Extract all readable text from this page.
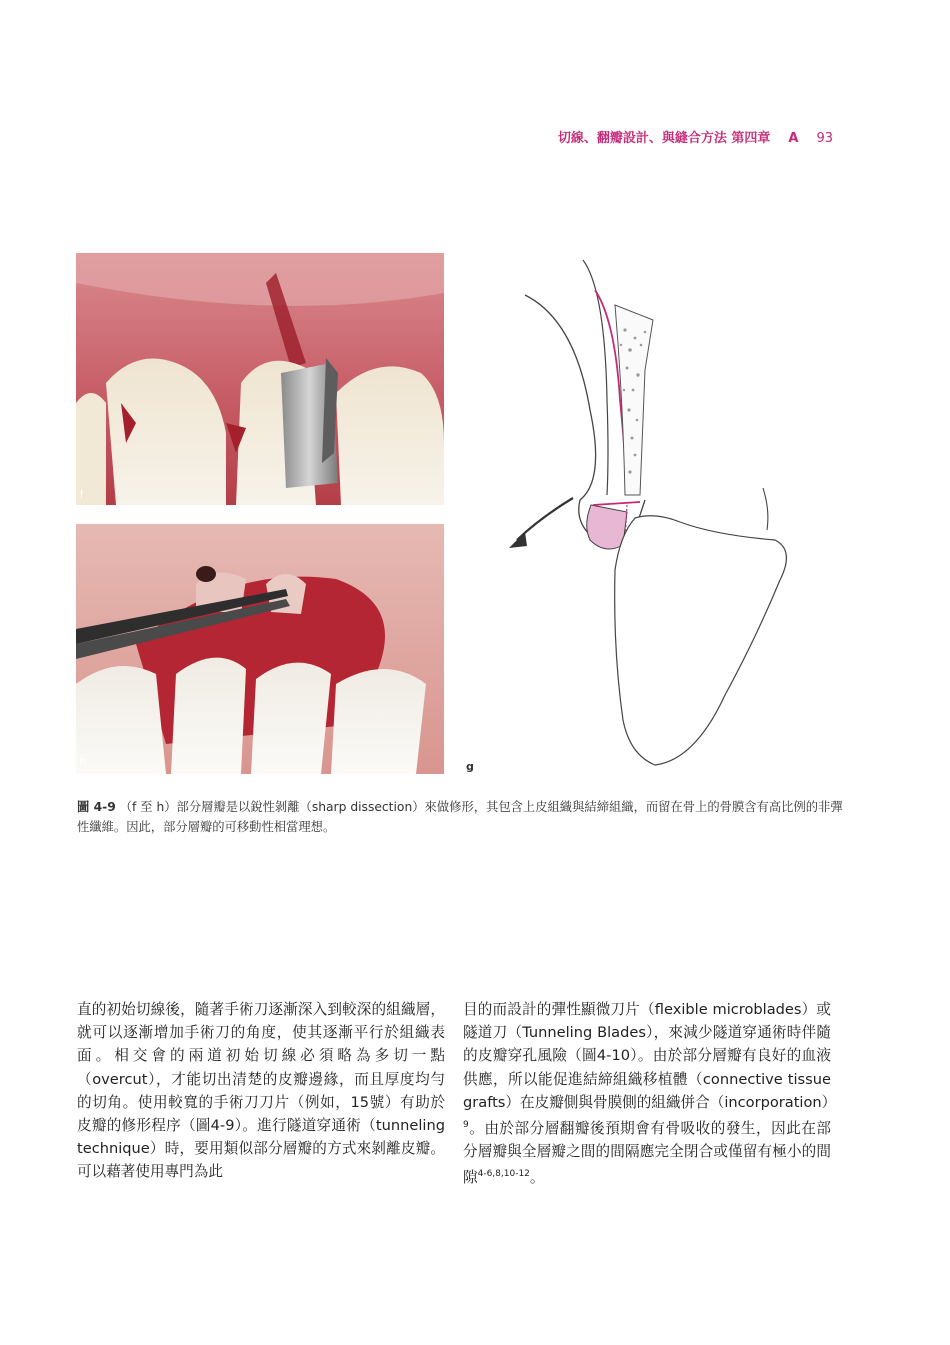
切線、翻瓣設計、與縫合方法 第四章 A 93
f
h	g
圖 4-9 （f 至 h）部分層瓣是以銳性剝離（sharp dissection）來做修形，其包含上皮組織與結締組織，而留在骨上的骨膜含有高比例的非彈性纖維。因此，部分層瓣的可移動性相當理想。

直的初始切線後，隨著手術刀逐漸深入到較深的組織層，就可以逐漸增加手術刀的角度，使其逐漸平行於組織表面。相交會的兩道初始切線必須略為多切一點（overcut），才能切出清楚的皮瓣邊緣，而且厚度均勻的切角。使用較寬的手術刀刀片（例如，15號）有助於皮瓣的修形程序（圖4-9）。進行隧道穿通術（tunneling technique）時，要用類似部分層瓣的方式來剝離皮瓣。可以藉著使用專門為此

目的而設計的彈性顯微刀片（flexible microblades）或隧道刀（Tunneling Blades），來減少隧道穿通術時伴隨的皮瓣穿孔風險（圖4-10）。由於部分層瓣有良好的血液供應，所以能促進結締組織移植體（connective tissue grafts）在皮瓣側與骨膜側的組織併合（incorporation）$^9$。由於部分層翻瓣後預期會有骨吸收的發生，因此在部分層瓣與全層瓣之間的間隔應完全閉合或僅留有極小的間隙$^{4-6,8,10-12}$。
